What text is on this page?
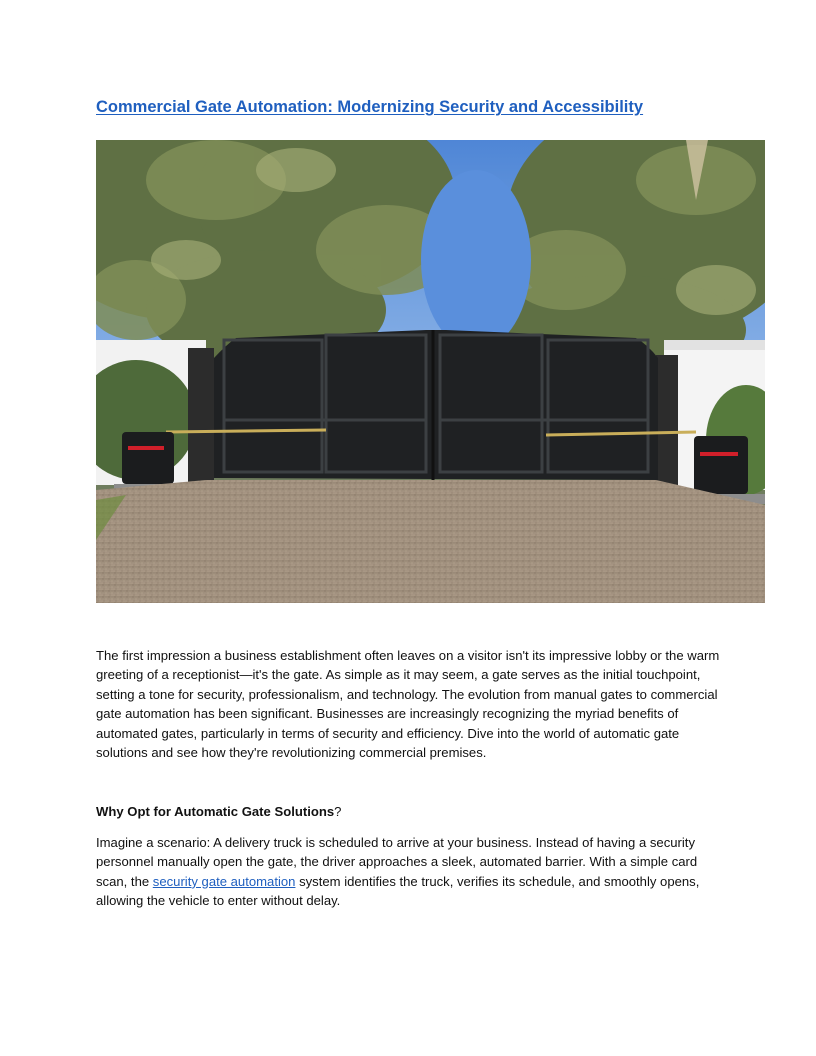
Commercial Gate Automation: Modernizing Security and Accessibility

The first impression a business establishment often leaves on a visitor isn't its impressive lobby or the warm greeting of a receptionist—it's the gate. As simple as it may seem, a gate serves as the initial touchpoint, setting a tone for security, professionalism, and technology. The evolution from manual gates to commercial gate automation has been significant. Businesses are increasingly recognizing the myriad benefits of automated gates, particularly in terms of security and efficiency. Dive into the world of automatic gate solutions and see how they're revolutionizing commercial premises.

Why Opt for Automatic Gate Solutions?

Imagine a scenario: A delivery truck is scheduled to arrive at your business. Instead of having a security personnel manually open the gate, the driver approaches a sleek, automated barrier. With a simple card scan, the security gate automation system identifies the truck, verifies its schedule, and smoothly opens, allowing the vehicle to enter without delay.
